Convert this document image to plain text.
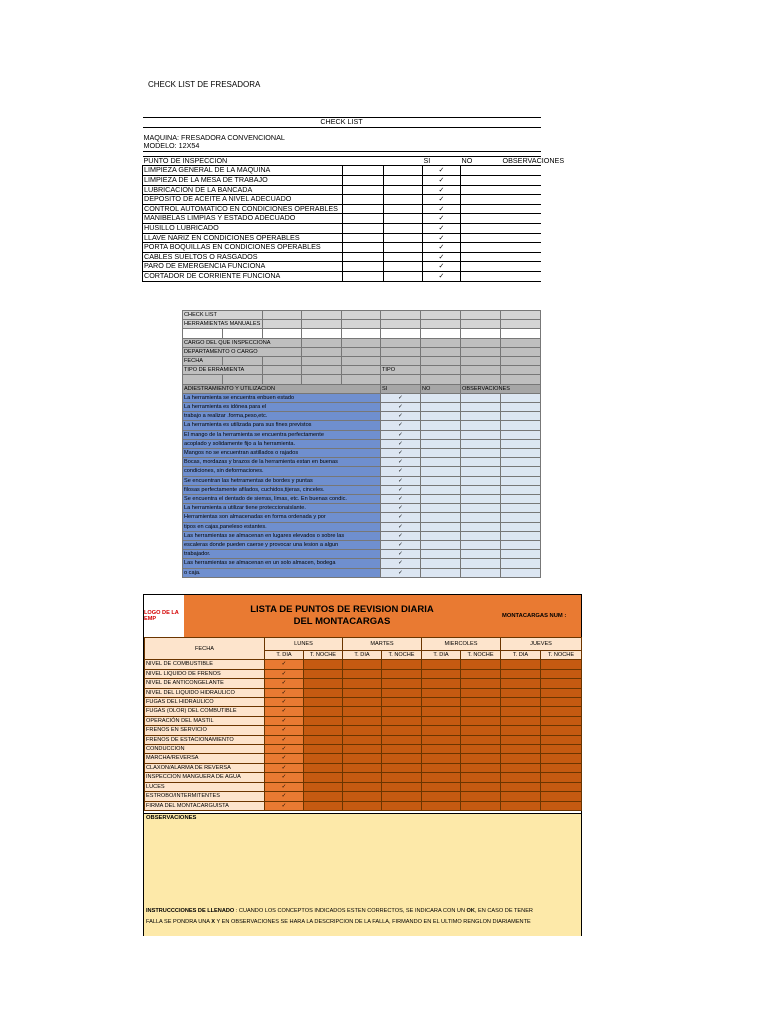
CHECK LIST DE FRESADORA
CHECK LIST					

MAQUINA: FRESADORA CONVENCIONAL					
MODELO: 12X54					

PUNTO DE INSPECCION			SI	NO	OBSERVACIONES
LIMPIEZA GENERAL DE LA MAQUINA			✓		
LIMPIEZA DE LA MESA DE TRABAJO			✓		
LUBRICACION DE LA BANCADA			✓		
DEPOSITO DE ACEITE A NIVEL ADECUADO			✓		
CONTROL AUTOMATICO EN CONDICIONES OPERABLES			✓		
MANIBELAS LIMPIAS Y ESTADO ADECUADO			✓		
HUSILLO LUBRICADO			✓		
LLAVE NARIZ EN CONDICIONES OPERABLES			✓		
PORTA BOQUILLAS EN CONDICIONES OPERABLES			✓		
CABLES SUELTOS O RASGADOS			✓		
PARO DE EMERGENCIA FUNCIONA			✓		
CORTADOR DE CORRIENTE FUNCIONA			✓		
CHECK LIST								
HERRAMIENTAS MANUALES								

CARGO DEL QUE INSPECCIONA								
DEPARTAMENTO O CARGO								
FECHA								
TIPO DE ERRAMIENTA					TIPO			

ADIESTRAMIENTO Y UTILIZACION					SI	NO	OBSERVACIONES	
La herramienta se encuentra enbuen estado					✓			
La herramienta es idónea para el					✓			
trabajo a realizar .forma,peso,etc.					✓			
La herramienta es utilizada para sus fines previstos					✓			
El mango de la herramienta se encuentra perfectamente					✓			
acoplado y solidamente fijo a la herramienta.					✓			
Mangos no se encuentran astillados o rajados					✓			
Bocas, mordazas y brazos de la herramienta estan en buenas					✓			
condiciones, sin deformaciones.					✓			
Se encuentran las hetrramentas de bordes y puntas					✓			
filosas perfectamente afilados, cuchidos,tijeras, cinceles.					✓			
Se encuentra el dentado de sierras, limas, etc. En buenas condic.					✓			
La herramienta a utilizar tiene proteccionaislante.					✓			
Herramientas son almacenadas en forma ordenada y por					✓			
tipos en cajas,paneleso estantes.					✓			
Las herramientas se almacenan en lugares elevados o sobre las					✓			
escaleras donde pueden caerse y provocar una lesion a algun					✓			
trabajador.					✓			
Las herramientas se almacenan en un solo almacen, bodega					✓			
o caja.					✓			
LOGO DE LA EMP
LISTA DE PUNTOS DE REVISION DIARIA
DEL MONTACARGAS	MONTACARGAS NUM :
FECHA	LUNES		MARTES		MIERCOLES		JUEVES		
	T. DIA	T. NOCHE	T. DIA	T. NOCHE	T. DIA	T. NOCHE	T. DIA	T. NOCHE		
NIVEL DE COMBUSTIBLE	✓								
NIVEL LIQUIDO DE FRENOS	✓								
NIVEL DE ANTICONGELANTE	✓								
NIVEL DEL LIQUIDO HIDRAULICO	✓								
FUGAS DEL HIDRAULICO	✓								
FUGAS (OLOR) DEL COMBUTIBLE	✓								
OPERACIÓN DEL MASTIL	✓								
FRENOS EN SERVICIO	✓								
FRENOS DE ESTACIONAMIENTO	✓								
CONDUCCION	✓								
MARCHA/REVERSA	✓								
CLAXON/ALARMA DE REVERSA	✓								
INSPECCION MANGUERA DE AGUA	✓								
LUCES	✓								
ESTROBO/INTERMITENTES	✓								
FIRMA DEL MONTACARGUISTA	✓								
OBSERVACIONES
INSTRUCCCIONES DE LLENADO : CUANDO LOS CONCEPTOS INDICADOS ESTEN CORRECTOS, SE INDICARA CON UN OK, EN CASO DE TENER
FALLA SE PONDRA UNA X Y EN OBSERVACIONES SE HARA LA DESCRIPCION DE LA FALLA, FIRMANDO EN EL ULTIMO RENGLON DIARIAMENTE
